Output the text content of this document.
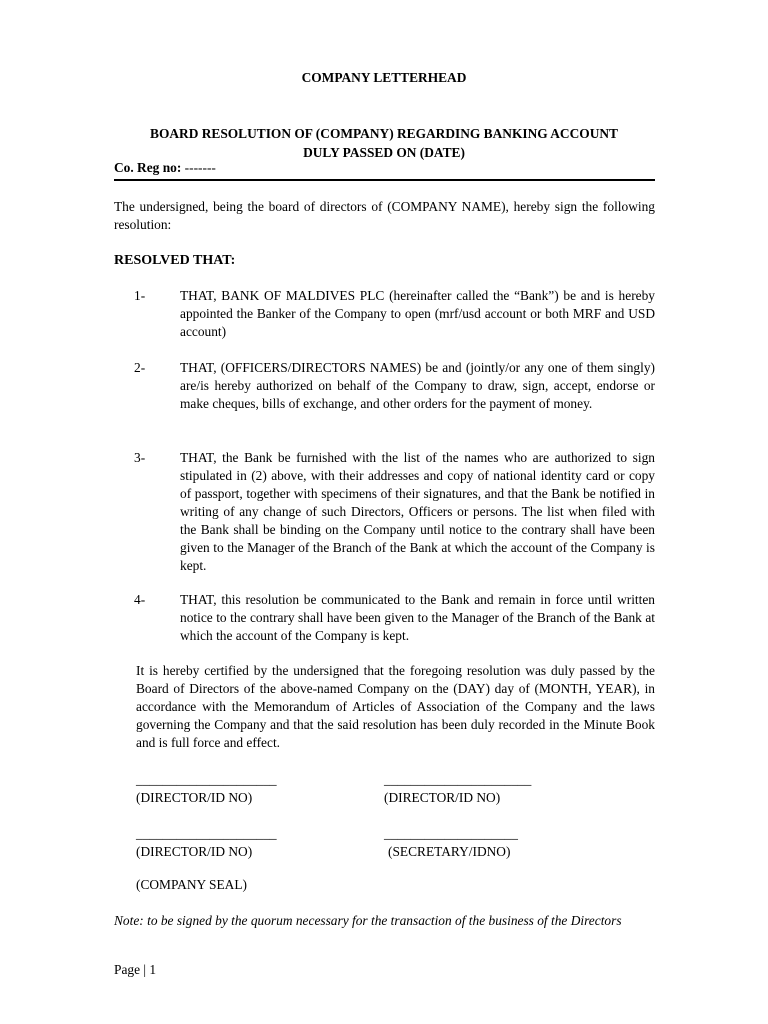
COMPANY LETTERHEAD
BOARD RESOLUTION OF (COMPANY) REGARDING BANKING ACCOUNT
DULY PASSED ON (DATE)
Co. Reg no: -------
The undersigned, being the board of directors of (COMPANY NAME), hereby sign the following resolution:
RESOLVED THAT:
1-	THAT, BANK OF MALDIVES PLC (hereinafter called the “Bank”) be and is hereby appointed the Banker of the Company to open (mrf/usd account or both MRF and USD account)
2-	THAT, (OFFICERS/DIRECTORS NAMES) be and (jointly/or any one of them singly) are/is hereby authorized on behalf of the Company to draw, sign, accept, endorse or make cheques, bills of exchange, and other orders for the payment of money.
3-	THAT, the Bank be furnished with the list of the names who are authorized to sign stipulated in (2) above, with their addresses and copy of national identity card or copy of passport, together with specimens of their signatures, and that the Bank be notified in writing of any change of such Directors, Officers or persons. The list when filed with the Bank shall be binding on the Company until notice to the contrary shall have been given to the Manager of the Branch of the Bank at which the account of the Company is kept.
4-	THAT, this resolution be communicated to the Bank and remain in force until written notice to the contrary shall have been given to the Manager of the Branch of the Bank at which the account of the Company is kept.
It is hereby certified by the undersigned that the foregoing resolution was duly passed by the Board of Directors of the above-named Company on the (DAY) day of (MONTH, YEAR), in accordance with the Memorandum of Articles of Association of the Company and the laws governing the Company and that the said resolution has been duly recorded in the Minute Book and is full force and effect.
_____________________
(DIRECTOR/ID NO)
______________________
(DIRECTOR/ID NO)
_____________________
(DIRECTOR/ID NO)
____________________
(SECRETARY/IDNO)
(COMPANY SEAL)
Note: to be signed by the quorum necessary for the transaction of the business of the Directors
Page | 1
